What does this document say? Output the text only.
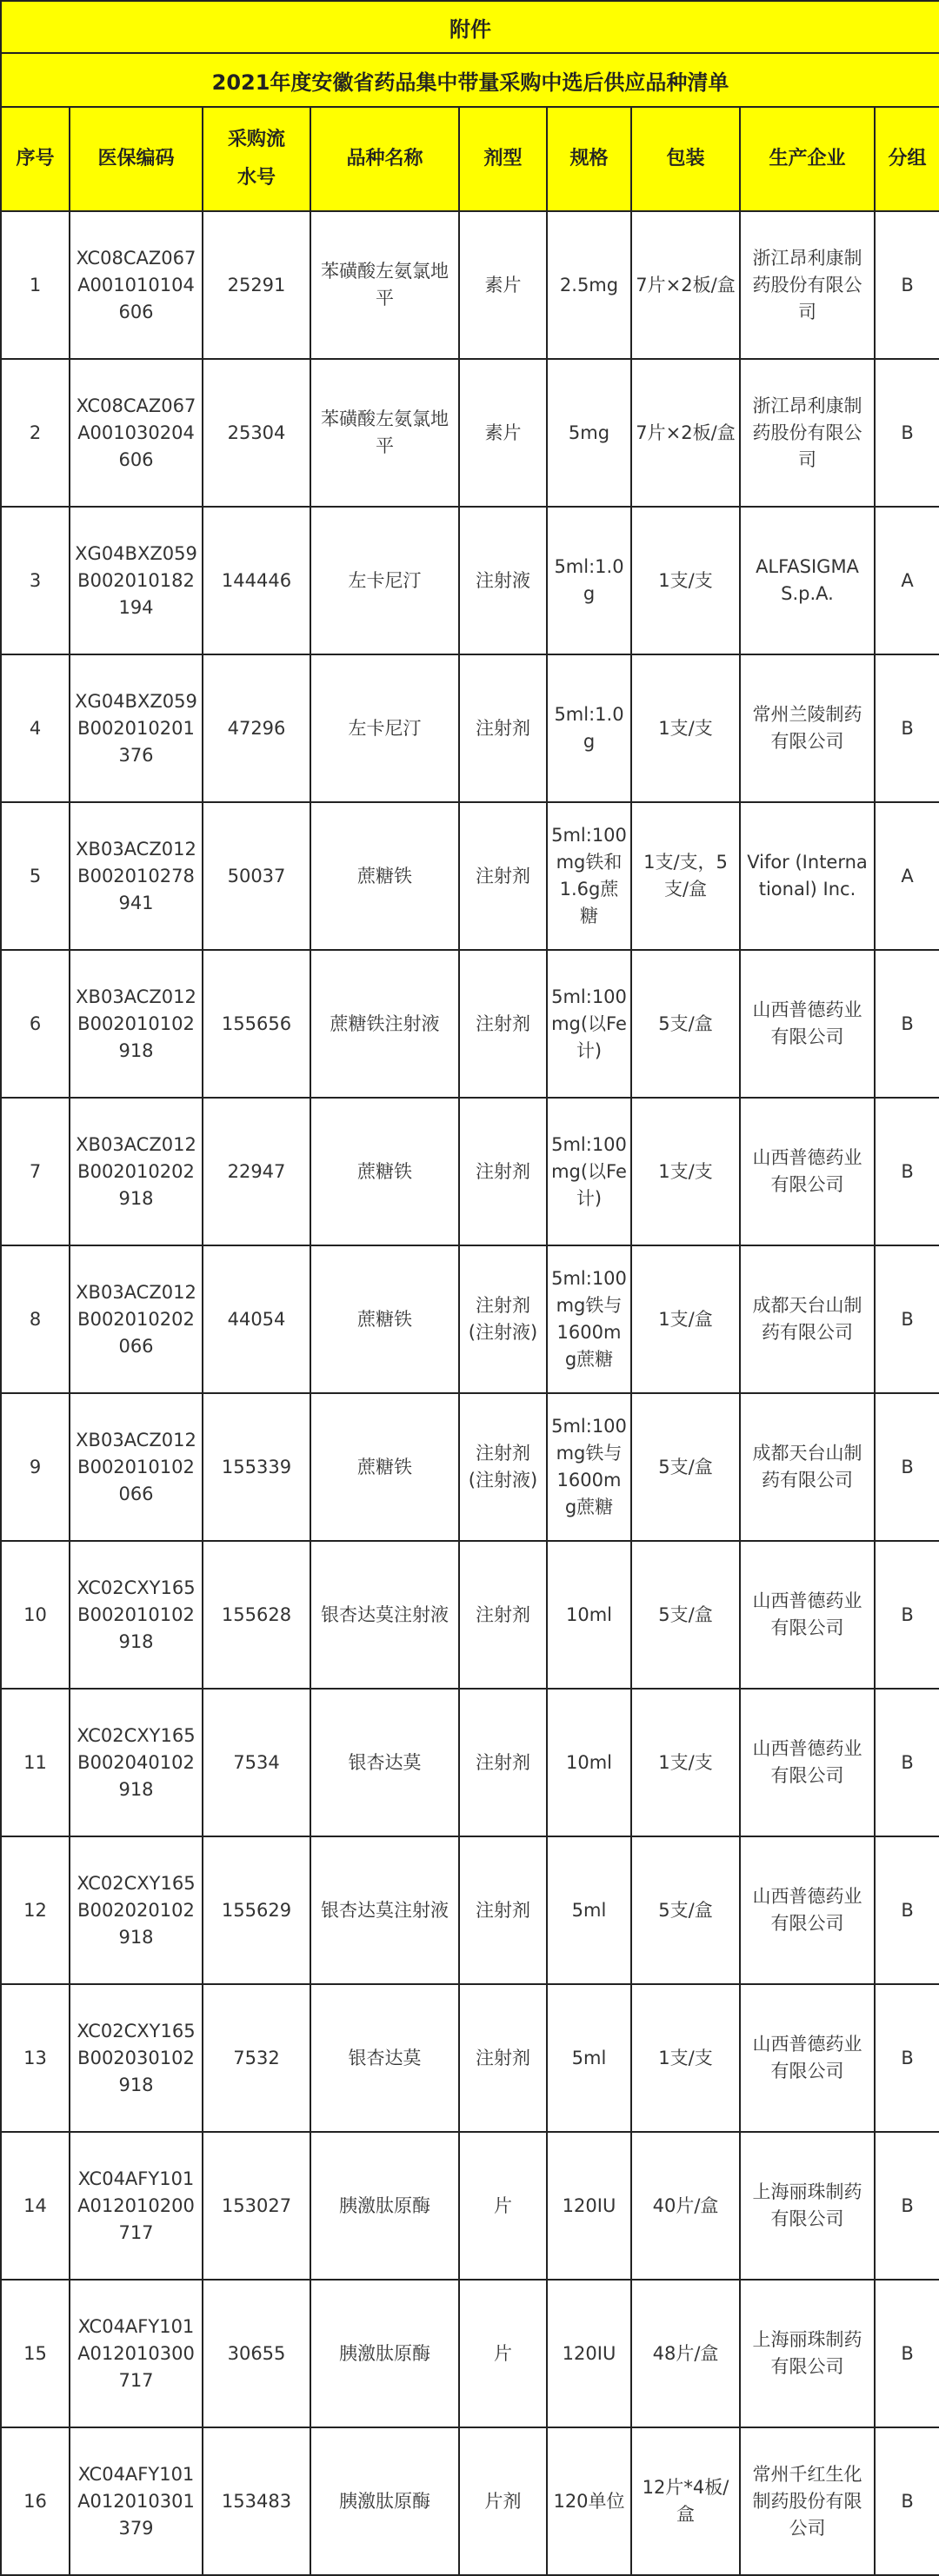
附件								
2021年度安徽省药品集中带量采购中选后供应品种清单								
序号	医保编码	采购流水号	品种名称	剂型	规格	包装	生产企业	分组
1	XC08CAZ067A001010104606	25291	苯磺酸左氨氯地平	素片	2.5mg	7片×2板/盒	浙江昂利康制药股份有限公司	B
2	XC08CAZ067A001030204606	25304	苯磺酸左氨氯地平	素片	5mg	7片×2板/盒	浙江昂利康制药股份有限公司	B
3	XG04BXZ059B002010182194	144446	左卡尼汀	注射液	5ml:1.0g	1支/支	ALFASIGMA S.p.A.	A
4	XG04BXZ059B002010201376	47296	左卡尼汀	注射剂	5ml:1.0g	1支/支	常州兰陵制药有限公司	B
5	XB03ACZ012B002010278941	50037	蔗糖铁	注射剂	5ml:100mg铁和1.6g蔗糖	1支/支，5支/盒	Vifor (International) Inc.	A
6	XB03ACZ012B002010102918	155656	蔗糖铁注射液	注射剂	5ml:100mg(以Fe计)	5支/盒	山西普德药业有限公司	B
7	XB03ACZ012B002010202918	22947	蔗糖铁	注射剂	5ml:100mg(以Fe计)	1支/支	山西普德药业有限公司	B
8	XB03ACZ012B002010202066	44054	蔗糖铁	注射剂(注射液)	5ml:100mg铁与1600mg蔗糖	1支/盒	成都天台山制药有限公司	B
9	XB03ACZ012B002010102066	155339	蔗糖铁	注射剂(注射液)	5ml:100mg铁与1600mg蔗糖	5支/盒	成都天台山制药有限公司	B
10	XC02CXY165B002010102918	155628	银杏达莫注射液	注射剂	10ml	5支/盒	山西普德药业有限公司	B
11	XC02CXY165B002040102918	7534	银杏达莫	注射剂	10ml	1支/支	山西普德药业有限公司	B
12	XC02CXY165B002020102918	155629	银杏达莫注射液	注射剂	5ml	5支/盒	山西普德药业有限公司	B
13	XC02CXY165B002030102918	7532	银杏达莫	注射剂	5ml	1支/支	山西普德药业有限公司	B
14	XC04AFY101A012010200717	153027	胰激肽原酶	片	120IU	40片/盒	上海丽珠制药有限公司	B
15	XC04AFY101A012010300717	30655	胰激肽原酶	片	120IU	48片/盒	上海丽珠制药有限公司	B
16	XC04AFY101A012010301379	153483	胰激肽原酶	片剂	120单位	12片*4板/盒	常州千红生化制药股份有限公司	B
